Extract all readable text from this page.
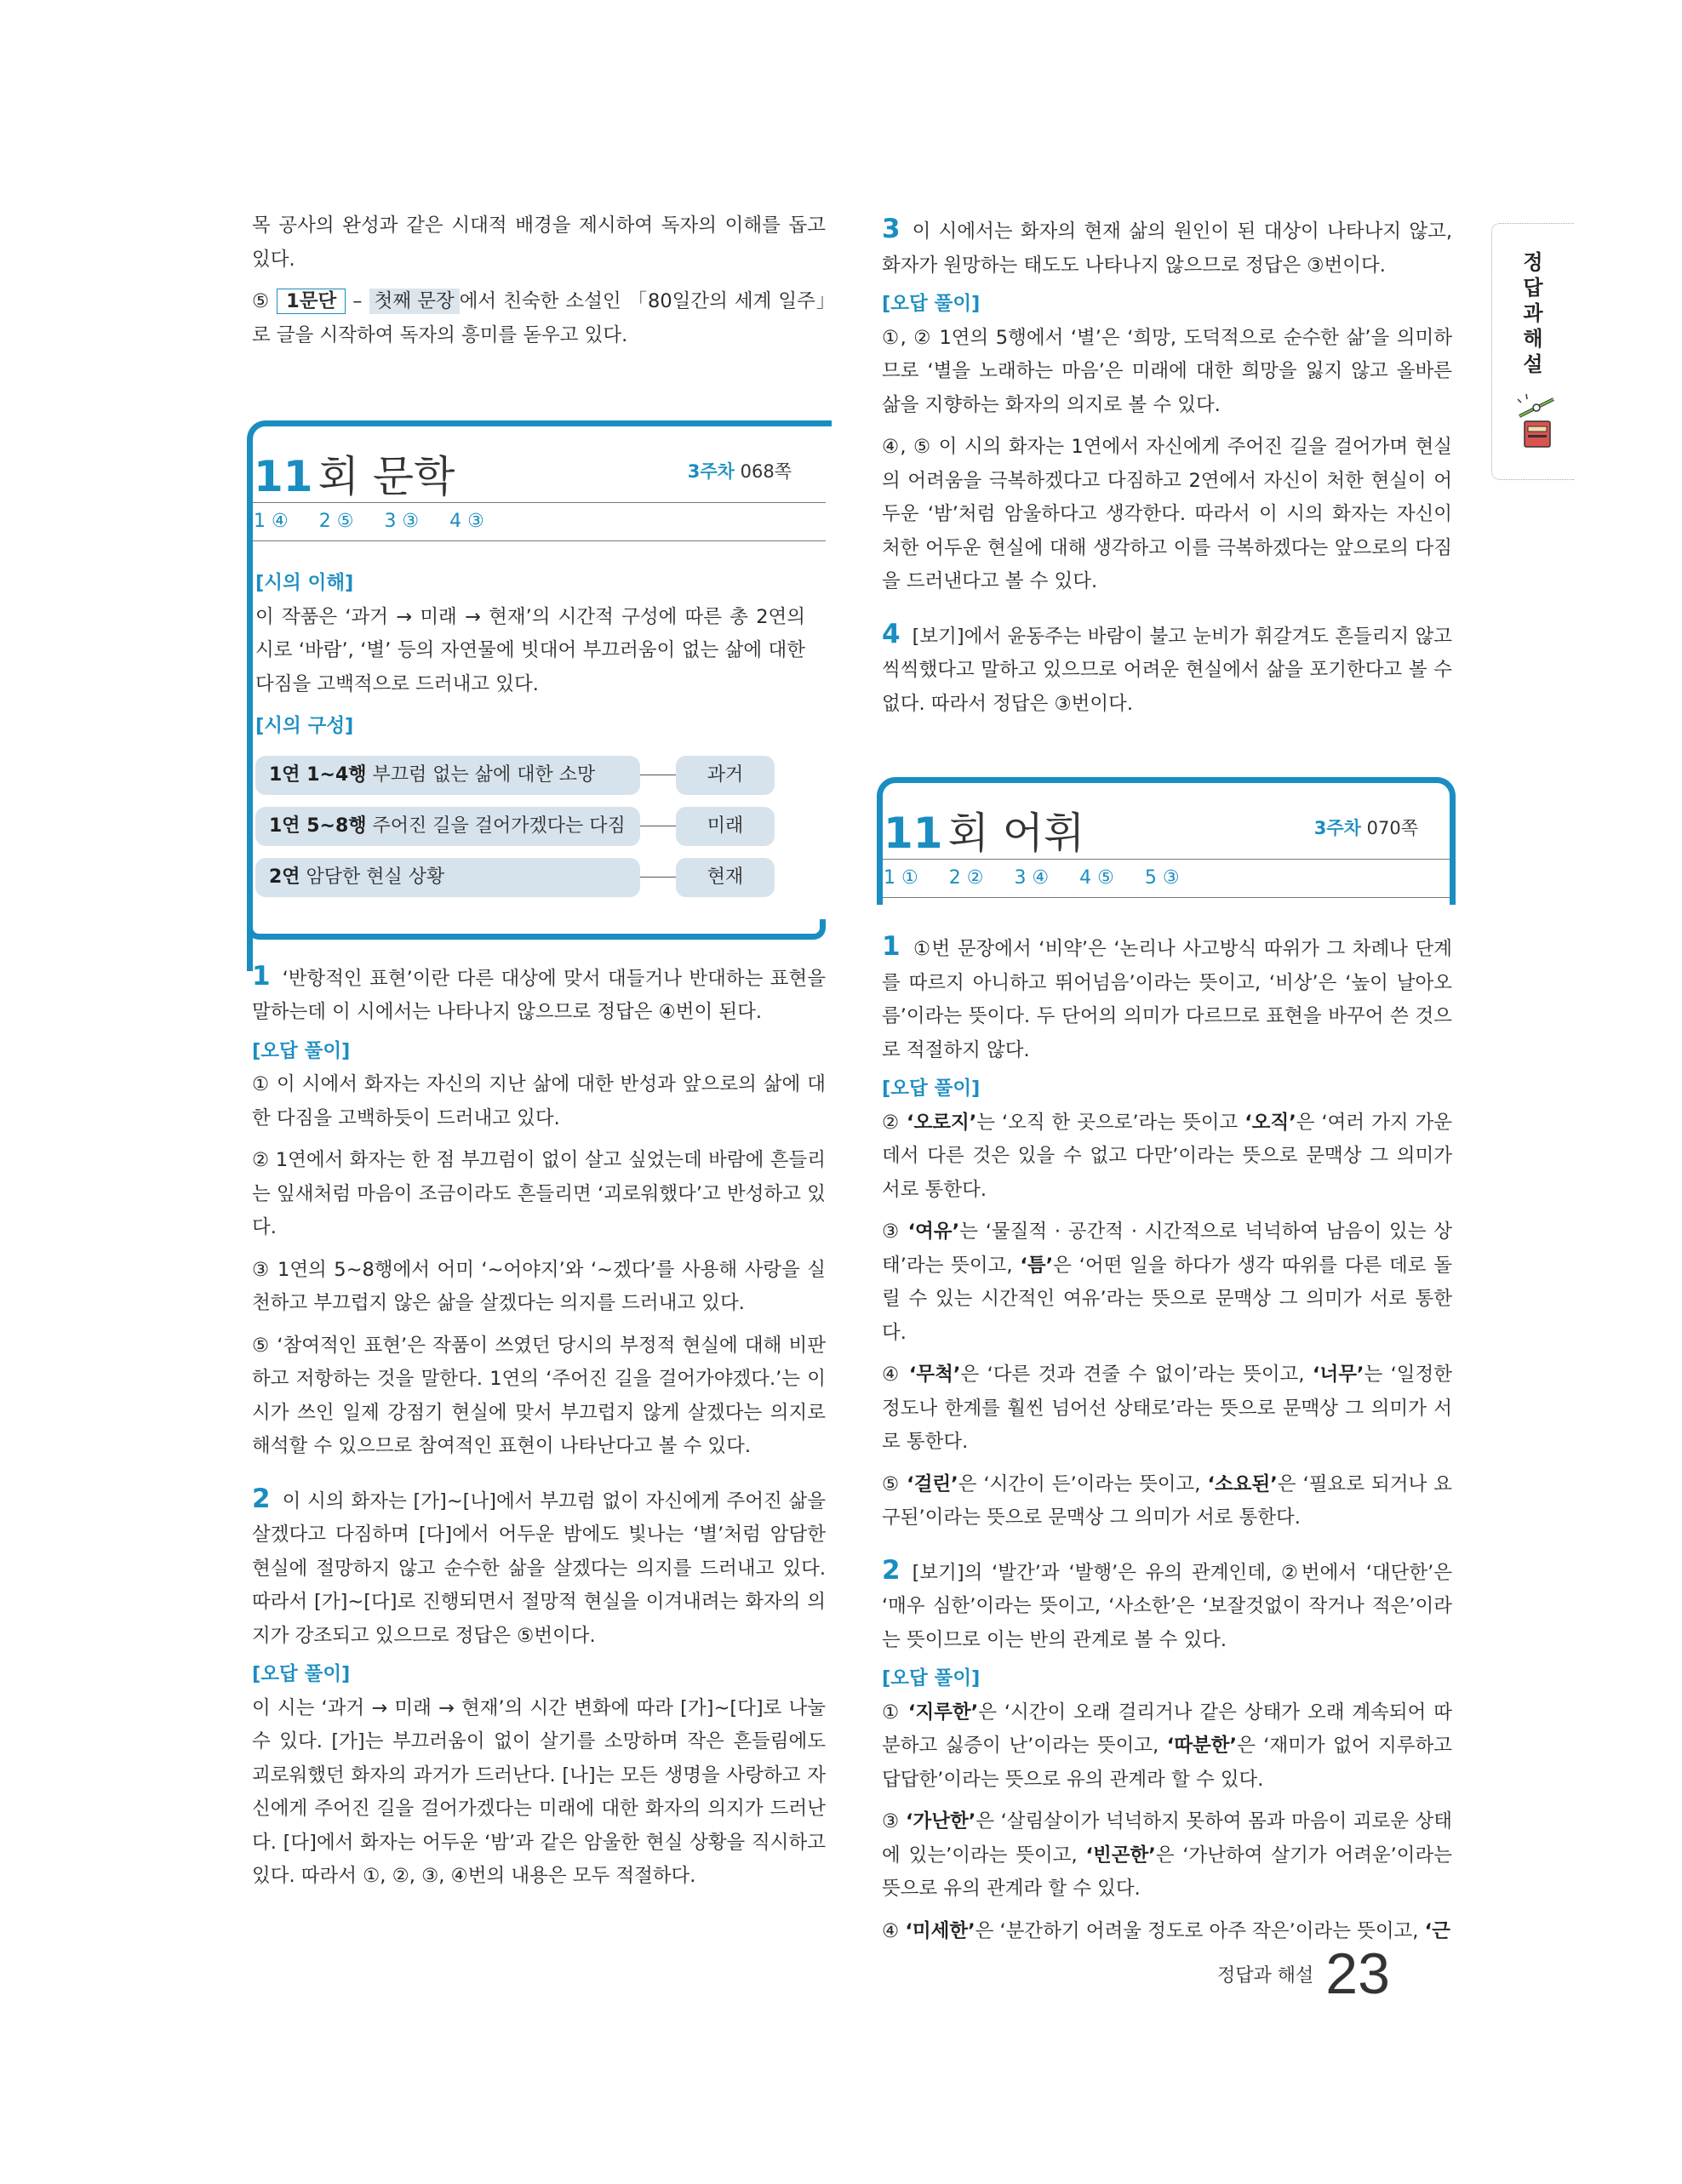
목 공사의 완성과 같은 시대적 배경을 제시하여 독자의 이해를 돕고 있다.

⑤ 1문단 – 첫째 문장 에서 친숙한 소설인 「80일간의 세계 일주」로 글을 시작하여 독자의 흥미를 돋우고 있다.

11 회 문학	3주차 068쪽
1 ④ 2 ⑤ 3 ③ 4 ③
[시의 이해]

이 작품은 ‘과거 → 미래 → 현재’의 시간적 구성에 따른 총 2연의 시로 ‘바람’, ‘별’ 등의 자연물에 빗대어 부끄러움이 없는 삶에 대한 다짐을 고백적으로 드러내고 있다.

[시의 구성]
1연 1~4행 부끄럼 없는 삶에 대한 소망	과거
1연 5~8행 주어진 길을 걸어가겠다는 다짐	미래
2연 암담한 현실 상황	현재

1 ‘반항적인 표현’이란 다른 대상에 맞서 대들거나 반대하는 표현을 말하는데 이 시에서는 나타나지 않으므로 정답은 ④번이 된다.

[오답 풀이]

① 이 시에서 화자는 자신의 지난 삶에 대한 반성과 앞으로의 삶에 대한 다짐을 고백하듯이 드러내고 있다.

② 1연에서 화자는 한 점 부끄럼이 없이 살고 싶었는데 바람에 흔들리는 잎새처럼 마음이 조금이라도 흔들리면 ‘괴로워했다’고 반성하고 있다.

③ 1연의 5~8행에서 어미 ‘~어야지’와 ‘~겠다’를 사용해 사랑을 실천하고 부끄럽지 않은 삶을 살겠다는 의지를 드러내고 있다.

⑤ ‘참여적인 표현’은 작품이 쓰였던 당시의 부정적 현실에 대해 비판하고 저항하는 것을 말한다. 1연의 ‘주어진 길을 걸어가야겠다.’는 이 시가 쓰인 일제 강점기 현실에 맞서 부끄럽지 않게 살겠다는 의지로 해석할 수 있으므로 참여적인 표현이 나타난다고 볼 수 있다.

2 이 시의 화자는 [가]~[나]에서 부끄럼 없이 자신에게 주어진 삶을 살겠다고 다짐하며 [다]에서 어두운 밤에도 빛나는 ‘별’처럼 암담한 현실에 절망하지 않고 순수한 삶을 살겠다는 의지를 드러내고 있다. 따라서 [가]~[다]로 진행되면서 절망적 현실을 이겨내려는 화자의 의지가 강조되고 있으므로 정답은 ⑤번이다.

[오답 풀이]

이 시는 ‘과거 → 미래 → 현재’의 시간 변화에 따라 [가]~[다]로 나눌 수 있다. [가]는 부끄러움이 없이 살기를 소망하며 작은 흔들림에도 괴로워했던 화자의 과거가 드러난다. [나]는 모든 생명을 사랑하고 자신에게 주어진 길을 걸어가겠다는 미래에 대한 화자의 의지가 드러난다. [다]에서 화자는 어두운 ‘밤’과 같은 암울한 현실 상황을 직시하고 있다. 따라서 ①, ②, ③, ④번의 내용은 모두 적절하다.

3 이 시에서는 화자의 현재 삶의 원인이 된 대상이 나타나지 않고, 화자가 원망하는 태도도 나타나지 않으므로 정답은 ③번이다.

[오답 풀이]

①, ② 1연의 5행에서 ‘별’은 ‘희망, 도덕적으로 순수한 삶’을 의미하므로 ‘별을 노래하는 마음’은 미래에 대한 희망을 잃지 않고 올바른 삶을 지향하는 화자의 의지로 볼 수 있다.

④, ⑤ 이 시의 화자는 1연에서 자신에게 주어진 길을 걸어가며 현실의 어려움을 극복하겠다고 다짐하고 2연에서 자신이 처한 현실이 어두운 ‘밤’처럼 암울하다고 생각한다. 따라서 이 시의 화자는 자신이 처한 어두운 현실에 대해 생각하고 이를 극복하겠다는 앞으로의 다짐을 드러낸다고 볼 수 있다.

4 [보기]에서 윤동주는 바람이 불고 눈비가 휘갈겨도 흔들리지 않고 씩씩했다고 말하고 있으므로 어려운 현실에서 삶을 포기한다고 볼 수 없다. 따라서 정답은 ③번이다.

11 회 어휘	3주차 070쪽
1 ① 2 ② 3 ④ 4 ⑤ 5 ③

1 ①번 문장에서 ‘비약’은 ‘논리나 사고방식 따위가 그 차례나 단계를 따르지 아니하고 뛰어넘음’이라는 뜻이고, ‘비상’은 ‘높이 날아오름’이라는 뜻이다. 두 단어의 의미가 다르므로 표현을 바꾸어 쓴 것으로 적절하지 않다.

[오답 풀이]

② ‘오로지’는 ‘오직 한 곳으로’라는 뜻이고 ‘오직’은 ‘여러 가지 가운데서 다른 것은 있을 수 없고 다만’이라는 뜻으로 문맥상 그 의미가 서로 통한다.

③ ‘여유’는 ‘물질적 · 공간적 · 시간적으로 넉넉하여 남음이 있는 상태’라는 뜻이고, ‘틈’은 ‘어떤 일을 하다가 생각 따위를 다른 데로 돌릴 수 있는 시간적인 여유’라는 뜻으로 문맥상 그 의미가 서로 통한다.

④ ‘무척’은 ‘다른 것과 견줄 수 없이’라는 뜻이고, ‘너무’는 ‘일정한 정도나 한계를 훨씬 넘어선 상태로’라는 뜻으로 문맥상 그 의미가 서로 통한다.

⑤ ‘걸린’은 ‘시간이 든’이라는 뜻이고, ‘소요된’은 ‘필요로 되거나 요구된’이라는 뜻으로 문맥상 그 의미가 서로 통한다.

2 [보기]의 ‘발간’과 ‘발행’은 유의 관계인데, ②번에서 ‘대단한’은 ‘매우 심한’이라는 뜻이고, ‘사소한’은 ‘보잘것없이 작거나 적은’이라는 뜻이므로 이는 반의 관계로 볼 수 있다.

[오답 풀이]

① ‘지루한’은 ‘시간이 오래 걸리거나 같은 상태가 오래 계속되어 따분하고 싫증이 난’이라는 뜻이고, ‘따분한’은 ‘재미가 없어 지루하고 답답한’이라는 뜻으로 유의 관계라 할 수 있다.

③ ‘가난한’은 ‘살림살이가 넉넉하지 못하여 몸과 마음이 괴로운 상태에 있는’이라는 뜻이고, ‘빈곤한’은 ‘가난하여 살기가 어려운’이라는 뜻으로 유의 관계라 할 수 있다.

④ ‘미세한’은 ‘분간하기 어려울 정도로 아주 작은’이라는 뜻이고, ‘근

정
답
과
해
설
정답과 해설 23
